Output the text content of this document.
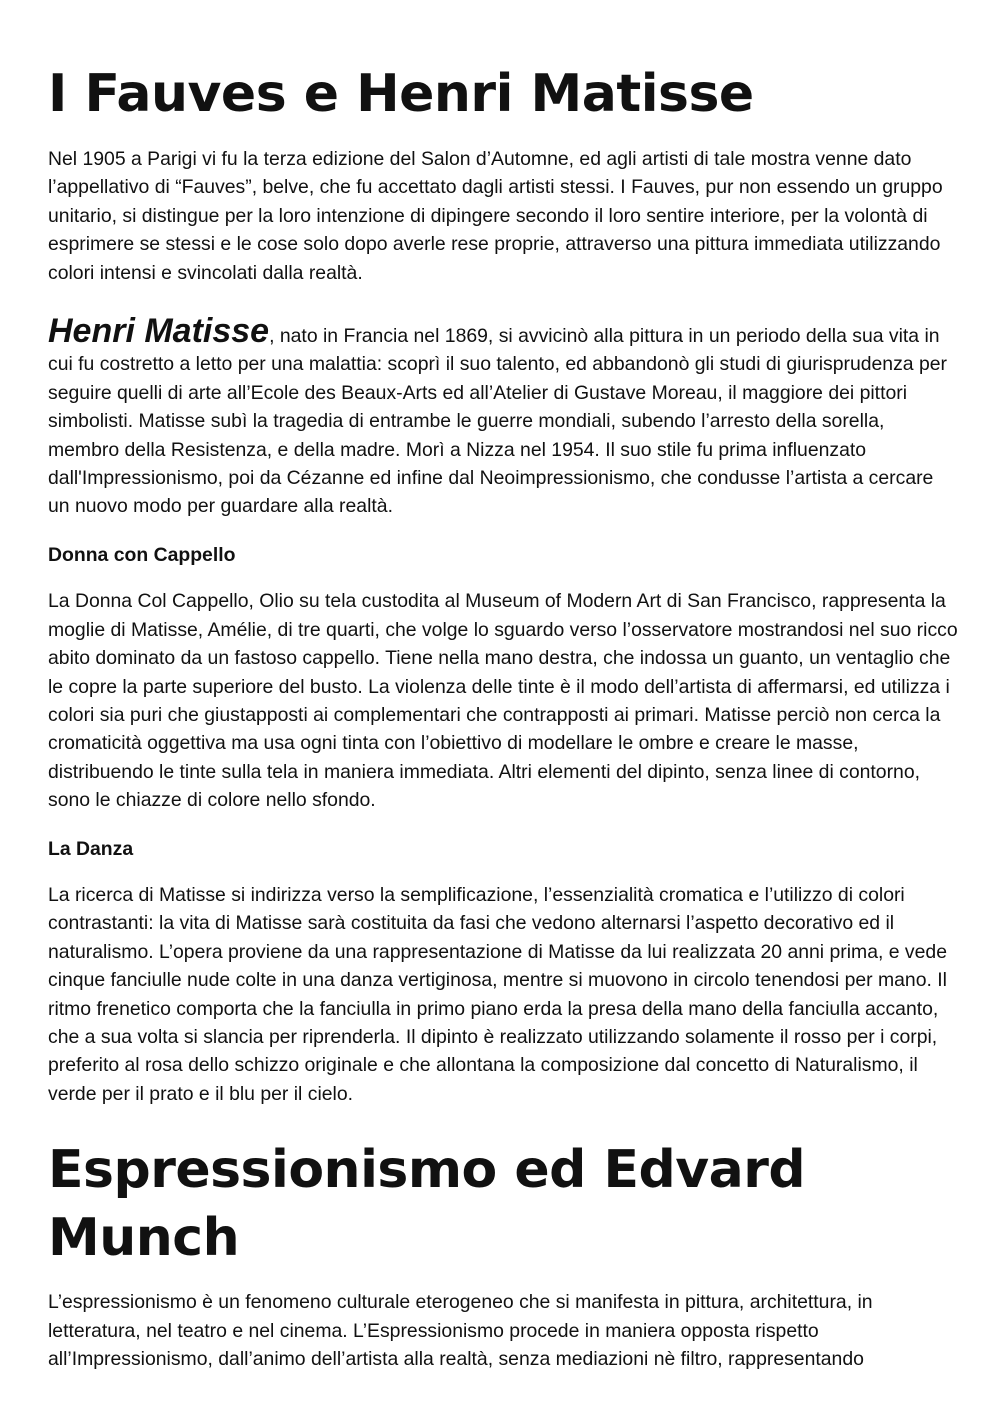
I Fauves e Henri Matisse

Nel 1905 a Parigi vi fu la terza edizione del Salon d’Automne, ed agli artisti di tale mostra venne dato l’appellativo di “Fauves”, belve, che fu accettato dagli artisti stessi. I Fauves, pur non essendo un gruppo unitario, si distingue per la loro intenzione di dipingere secondo il loro sentire interiore, per la volontà di esprimere se stessi e le cose solo dopo averle rese proprie, attraverso una pittura immediata utilizzando colori intensi e svincolati dalla realtà.

Henri Matisse, nato in Francia nel 1869, si avvicinò alla pittura in un periodo della sua vita in cui fu costretto a letto per una malattia: scoprì il suo talento, ed abbandonò gli studi di giurisprudenza per seguire quelli di arte all’Ecole des Beaux-Arts ed all’Atelier di Gustave Moreau, il maggiore dei pittori simbolisti. Matisse subì la tragedia di entrambe le guerre mondiali, subendo l’arresto della sorella, membro della Resistenza, e della madre. Morì a Nizza nel 1954. Il suo stile fu prima influenzato dall'Impressionismo, poi da Cézanne ed infine dal Neoimpressionismo, che condusse l’artista a cercare un nuovo modo per guardare alla realtà.

Donna con Cappello

La Donna Col Cappello, Olio su tela custodita al Museum of Modern Art di San Francisco, rappresenta la moglie di Matisse, Amélie, di tre quarti, che volge lo sguardo verso l’osservatore mostrandosi nel suo ricco abito dominato da un fastoso cappello. Tiene nella mano destra, che indossa un guanto, un ventaglio che le copre la parte superiore del busto. La violenza delle tinte è il modo dell’artista di affermarsi, ed utilizza i colori sia puri che giustapposti ai complementari che contrapposti ai primari. Matisse perciò non cerca la cromaticità oggettiva ma usa ogni tinta con l’obiettivo di modellare le ombre e creare le masse, distribuendo le tinte sulla tela in maniera immediata. Altri elementi del dipinto, senza linee di contorno, sono le chiazze di colore nello sfondo.

La Danza

La ricerca di Matisse si indirizza verso la semplificazione, l’essenzialità cromatica e l’utilizzo di colori contrastanti: la vita di Matisse sarà costituita da fasi che vedono alternarsi l’aspetto decorativo ed il naturalismo. L’opera proviene da una rappresentazione di Matisse da lui realizzata 20 anni prima, e vede cinque fanciulle nude colte in una danza vertiginosa, mentre si muovono in circolo tenendosi per mano. Il ritmo frenetico comporta che la fanciulla in primo piano erda la presa della mano della fanciulla accanto, che a sua volta si slancia per riprenderla. Il dipinto è realizzato utilizzando solamente il rosso per i corpi, preferito al rosa dello schizzo originale e che allontana la composizione dal concetto di Naturalismo, il verde per il prato e il blu per il cielo.

Espressionismo ed Edvard Munch

L’espressionismo è un fenomeno culturale eterogeneo che si manifesta in pittura, architettura, in letteratura, nel teatro e nel cinema. L’Espressionismo procede in maniera opposta rispetto all’Impressionismo, dall’animo dell’artista alla realtà, senza mediazioni nè filtro, rappresentando
